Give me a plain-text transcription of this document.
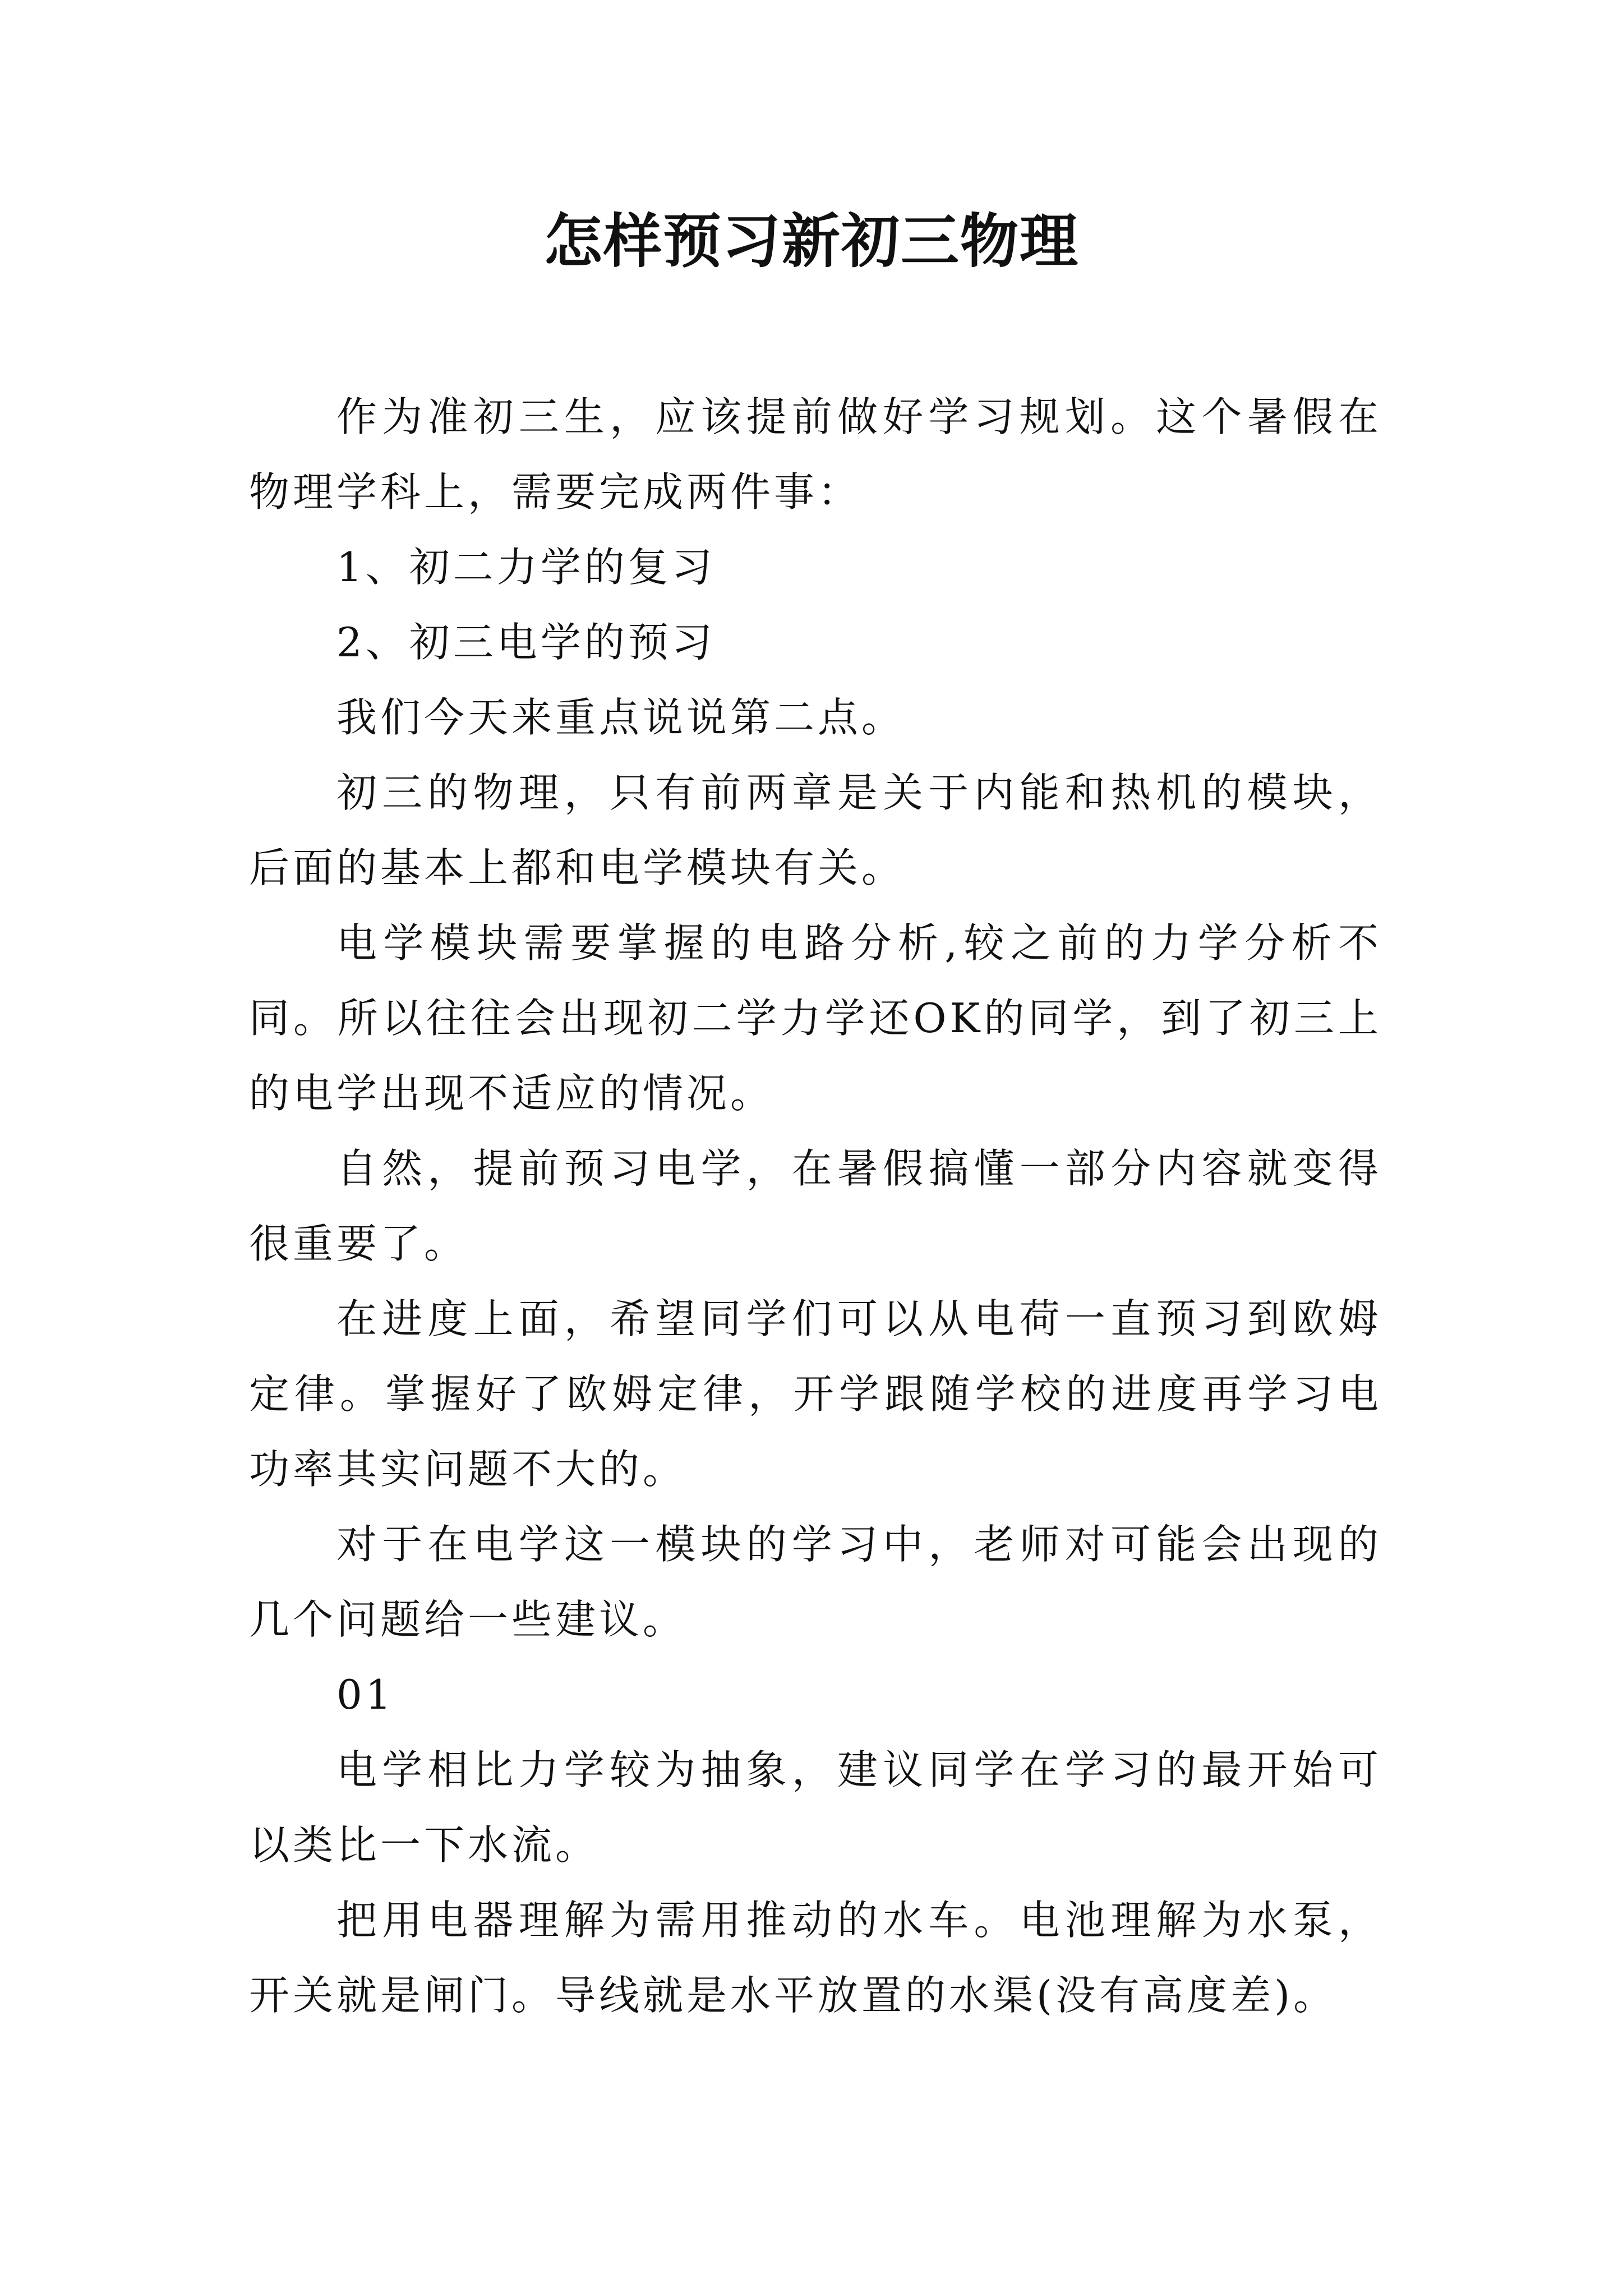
怎样预习新初三物理

作为准初三生，应该提前做好学习规划。这个暑假在物理学科上，需要完成两件事：

1、初二力学的复习

2、初三电学的预习

我们今天来重点说说第二点。

初三的物理，只有前两章是关于内能和热机的模块，后面的基本上都和电学模块有关。

电学模块需要掌握的电路分析,较之前的力学分析不同。所以往往会出现初二学力学还OK的同学，到了初三上的电学出现不适应的情况。

自然，提前预习电学，在暑假搞懂一部分内容就变得很重要了。

在进度上面，希望同学们可以从电荷一直预习到欧姆定律。掌握好了欧姆定律，开学跟随学校的进度再学习电功率其实问题不大的。

对于在电学这一模块的学习中，老师对可能会出现的几个问题给一些建议。

01

电学相比力学较为抽象，建议同学在学习的最开始可以类比一下水流。

把用电器理解为需用推动的水车。电池理解为水泵，开关就是闸门。导线就是水平放置的水渠(没有高度差)。
